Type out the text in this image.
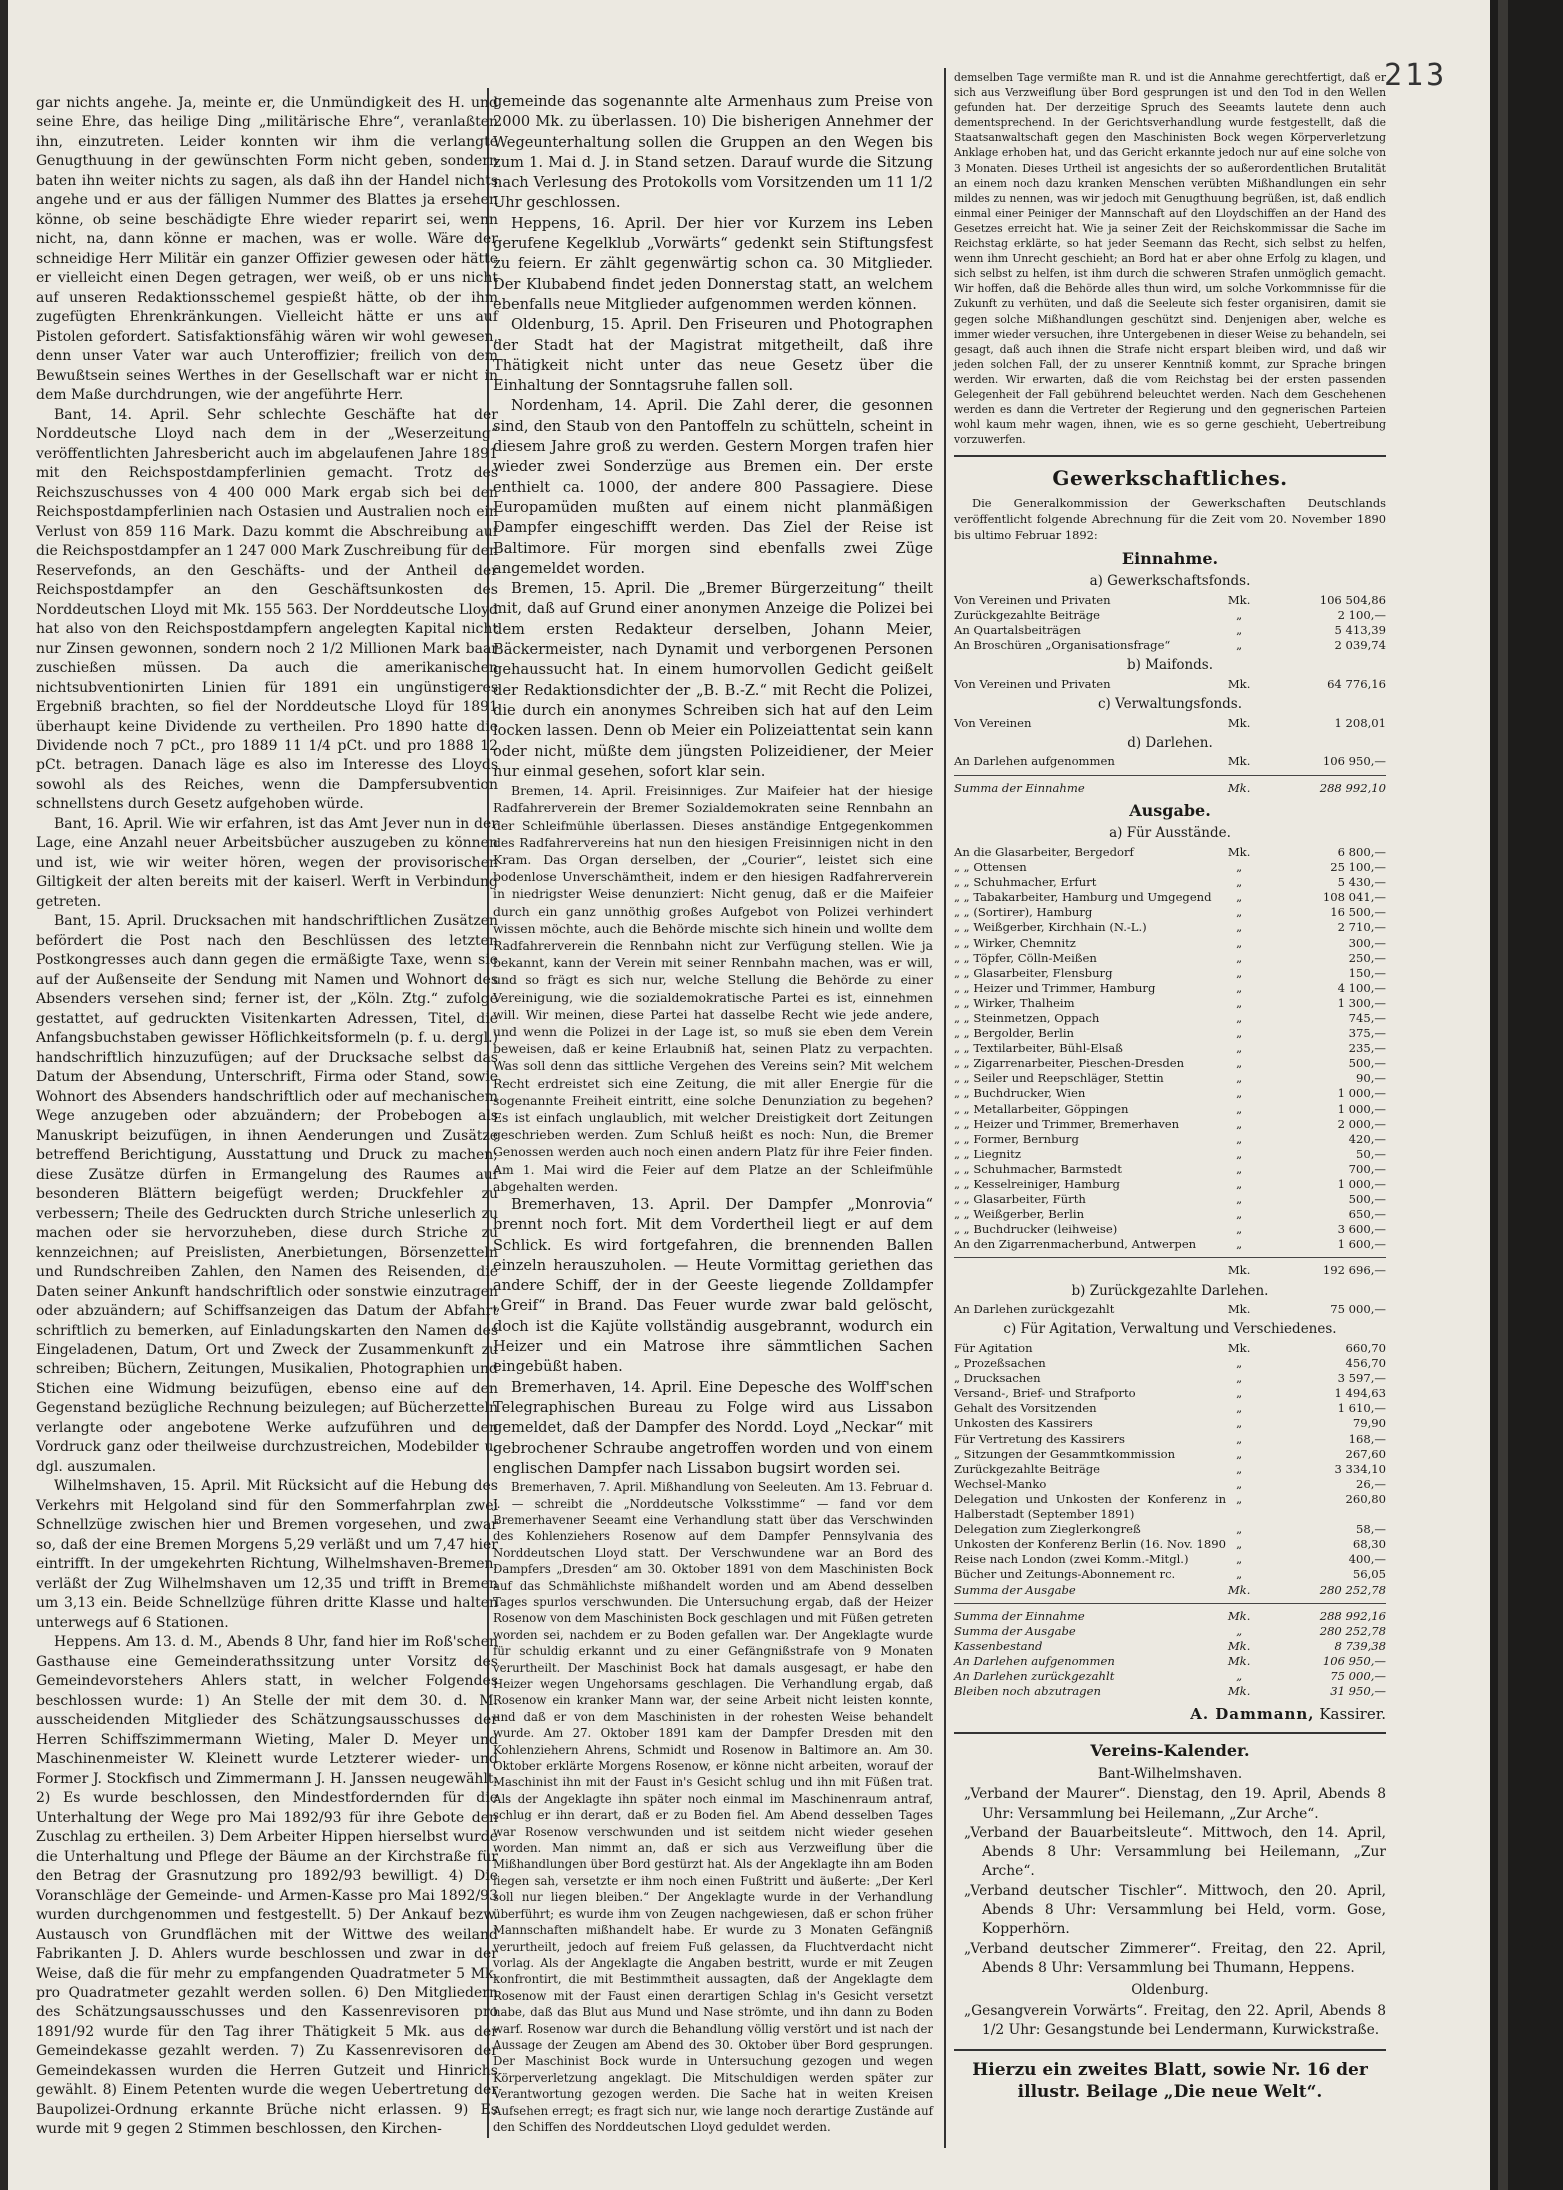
213

gar nichts angehe. Ja, meinte er, die Unmündigkeit des H. und seine Ehre, das heilige Ding „militärische Ehre“, veranlaßten ihn, einzutreten. Leider konnten wir ihm die verlangte Genugthuung in der gewünschten Form nicht geben, sondern baten ihn weiter nichts zu sagen, als daß ihn der Handel nichts angehe und er aus der fälligen Nummer des Blattes ja ersehen könne, ob seine beschädigte Ehre wieder reparirt sei, wenn nicht, na, dann könne er machen, was er wolle. Wäre der schneidige Herr Militär ein ganzer Offizier gewesen oder hätte er vielleicht einen Degen getragen, wer weiß, ob er uns nicht auf unseren Redaktionsschemel gespießt hätte, ob der ihm zugefügten Ehrenkränkungen. Vielleicht hätte er uns auf Pistolen gefordert. Satisfaktionsfähig wären wir wohl gewesen, denn unser Vater war auch Unteroffizier; freilich von dem Bewußtsein seines Werthes in der Gesellschaft war er nicht in dem Maße durchdrungen, wie der angeführte Herr.

Bant, 14. April. Sehr schlechte Geschäfte hat der Norddeutsche Lloyd nach dem in der „Weserzeitung“ veröffentlichten Jahresbericht auch im abgelaufenen Jahre 1891 mit den Reichspostdampferlinien gemacht. Trotz des Reichszuschusses von 4 400 000 Mark ergab sich bei den Reichspostdampferlinien nach Ostasien und Australien noch ein Verlust von 859 116 Mark. Dazu kommt die Abschreibung auf die Reichspostdampfer an 1 247 000 Mark Zuschreibung für den Reservefonds, an den Geschäfts- und der Antheil der Reichspostdampfer an den Geschäftsunkosten des Norddeutschen Lloyd mit Mk. 155 563. Der Norddeutsche Lloyd hat also von den Reichspostdampfern angelegten Kapital nicht nur Zinsen gewonnen, sondern noch 2 1/2 Millionen Mark baar zuschießen müssen. Da auch die amerikanischen nichtsubventionirten Linien für 1891 ein ungünstigeres Ergebniß brachten, so fiel der Norddeutsche Lloyd für 1891 überhaupt keine Dividende zu vertheilen. Pro 1890 hatte die Dividende noch 7 pCt., pro 1889 11 1/4 pCt. und pro 1888 12 pCt. betragen. Danach läge es also im Interesse des Lloyds sowohl als des Reiches, wenn die Dampfersubvention schnellstens durch Gesetz aufgehoben würde.

Bant, 16. April. Wie wir erfahren, ist das Amt Jever nun in der Lage, eine Anzahl neuer Arbeitsbücher auszugeben zu können und ist, wie wir weiter hören, wegen der provisorischen Giltigkeit der alten bereits mit der kaiserl. Werft in Verbindung getreten.

Bant, 15. April. Drucksachen mit handschriftlichen Zusätzen befördert die Post nach den Beschlüssen des letzten Postkongresses auch dann gegen die ermäßigte Taxe, wenn sie auf der Außenseite der Sendung mit Namen und Wohnort des Absenders versehen sind; ferner ist, der „Köln. Ztg.“ zufolge gestattet, auf gedruckten Visitenkarten Adressen, Titel, die Anfangsbuchstaben gewisser Höflichkeitsformeln (p. f. u. dergl.) handschriftlich hinzuzufügen; auf der Drucksache selbst das Datum der Absendung, Unterschrift, Firma oder Stand, sowie Wohnort des Absenders handschriftlich oder auf mechanischem Wege anzugeben oder abzuändern; der Probebogen als Manuskript beizufügen, in ihnen Aenderungen und Zusätze betreffend Berichtigung, Ausstattung und Druck zu machen; diese Zusätze dürfen in Ermangelung des Raumes auf besonderen Blättern beigefügt werden; Druckfehler zu verbessern; Theile des Gedruckten durch Striche unleserlich zu machen oder sie hervorzuheben, diese durch Striche zu kennzeichnen; auf Preislisten, Anerbietungen, Börsenzetteln und Rundschreiben Zahlen, den Namen des Reisenden, die Daten seiner Ankunft handschriftlich oder sonstwie einzutragen oder abzuändern; auf Schiffsanzeigen das Datum der Abfahrt schriftlich zu bemerken, auf Einladungskarten den Namen des Eingeladenen, Datum, Ort und Zweck der Zusammenkunft zu schreiben; Büchern, Zeitungen, Musikalien, Photographien und Stichen eine Widmung beizufügen, ebenso eine auf den Gegenstand bezügliche Rechnung beizulegen; auf Bücherzetteln verlangte oder angebotene Werke aufzuführen und den Vordruck ganz oder theilweise durchzustreichen, Modebilder u. dgl. auszumalen.

Wilhelmshaven, 15. April. Mit Rücksicht auf die Hebung des Verkehrs mit Helgoland sind für den Sommerfahrplan zwei Schnellzüge zwischen hier und Bremen vorgesehen, und zwar so, daß der eine Bremen Morgens 5,29 verläßt und um 7,47 hier eintrifft. In der umgekehrten Richtung, Wilhelmshaven-Bremen, verläßt der Zug Wilhelmshaven um 12,35 und trifft in Bremen um 3,13 ein. Beide Schnellzüge führen dritte Klasse und halten unterwegs auf 6 Stationen.

Heppens. Am 13. d. M., Abends 8 Uhr, fand hier im Roß'schen Gasthause eine Gemeinderathssitzung unter Vorsitz des Gemeindevorstehers Ahlers statt, in welcher Folgendes beschlossen wurde: 1) An Stelle der mit dem 30. d. M. ausscheidenden Mitglieder des Schätzungsausschusses der Herren Schiffszimmermann Wieting, Maler D. Meyer und Maschinenmeister W. Kleinett wurde Letzterer wieder- und Former J. Stockfisch und Zimmermann J. H. Janssen neugewählt. 2) Es wurde beschlossen, den Mindestfordernden für die Unterhaltung der Wege pro Mai 1892/93 für ihre Gebote den Zuschlag zu ertheilen. 3) Dem Arbeiter Hippen hierselbst wurde die Unterhaltung und Pflege der Bäume an der Kirchstraße für den Betrag der Grasnutzung pro 1892/93 bewilligt. 4) Die Voranschläge der Gemeinde- und Armen-Kasse pro Mai 1892/93 wurden durchgenommen und festgestellt. 5) Der Ankauf bezw. Austausch von Grundflächen mit der Wittwe des weiland Fabrikanten J. D. Ahlers wurde beschlossen und zwar in der Weise, daß die für mehr zu empfangenden Quadratmeter 5 Mk. pro Quadratmeter gezahlt werden sollen. 6) Den Mitgliedern des Schätzungsausschusses und den Kassenrevisoren pro 1891/92 wurde für den Tag ihrer Thätigkeit 5 Mk. aus der Gemeindekasse gezahlt werden. 7) Zu Kassenrevisoren der Gemeindekassen wurden die Herren Gutzeit und Hinrichs gewählt. 8) Einem Petenten wurde die wegen Uebertretung der Baupolizei-Ordnung erkannte Brüche nicht erlassen. 9) Es wurde mit 9 gegen 2 Stimmen beschlossen, den Kirchen-

gemeinde das sogenannte alte Armenhaus zum Preise von 2000 Mk. zu überlassen. 10) Die bisherigen Annehmer der Wegeunterhaltung sollen die Gruppen an den Wegen bis zum 1. Mai d. J. in Stand setzen. Darauf wurde die Sitzung nach Verlesung des Protokolls vom Vorsitzenden um 11 1/2 Uhr geschlossen.

Heppens, 16. April. Der hier vor Kurzem ins Leben gerufene Kegelklub „Vorwärts“ gedenkt sein Stiftungsfest zu feiern. Er zählt gegenwärtig schon ca. 30 Mitglieder. Der Klubabend findet jeden Donnerstag statt, an welchem ebenfalls neue Mitglieder aufgenommen werden können.

Oldenburg, 15. April. Den Friseuren und Photographen der Stadt hat der Magistrat mitgetheilt, daß ihre Thätigkeit nicht unter das neue Gesetz über die Einhaltung der Sonntagsruhe fallen soll.

Nordenham, 14. April. Die Zahl derer, die gesonnen sind, den Staub von den Pantoffeln zu schütteln, scheint in diesem Jahre groß zu werden. Gestern Morgen trafen hier wieder zwei Sonderzüge aus Bremen ein. Der erste enthielt ca. 1000, der andere 800 Passagiere. Diese Europamüden mußten auf einem nicht planmäßigen Dampfer eingeschifft werden. Das Ziel der Reise ist Baltimore. Für morgen sind ebenfalls zwei Züge angemeldet worden.

Bremen, 15. April. Die „Bremer Bürgerzeitung“ theilt mit, daß auf Grund einer anonymen Anzeige die Polizei bei dem ersten Redakteur derselben, Johann Meier, Bäckermeister, nach Dynamit und verborgenen Personen gehaussucht hat. In einem humorvollen Gedicht geißelt der Redaktionsdichter der „B. B.-Z.“ mit Recht die Polizei, die durch ein anonymes Schreiben sich hat auf den Leim locken lassen. Denn ob Meier ein Polizeiattentat sein kann oder nicht, müßte dem jüngsten Polizeidiener, der Meier nur einmal gesehen, sofort klar sein.

Bremen, 14. April. Freisinniges. Zur Maifeier hat der hiesige Radfahrerverein der Bremer Sozialdemokraten seine Rennbahn an der Schleifmühle überlassen. Dieses anständige Entgegenkommen des Radfahrervereins hat nun den hiesigen Freisinnigen nicht in den Kram. Das Organ derselben, der „Courier“, leistet sich eine bodenlose Unverschämtheit, indem er den hiesigen Radfahrerverein in niedrigster Weise denunziert: Nicht genug, daß er die Maifeier durch ein ganz unnöthig großes Aufgebot von Polizei verhindert wissen möchte, auch die Behörde mischte sich hinein und wollte dem Radfahrerverein die Rennbahn nicht zur Verfügung stellen. Wie ja bekannt, kann der Verein mit seiner Rennbahn machen, was er will, und so frägt es sich nur, welche Stellung die Behörde zu einer Vereinigung, wie die sozialdemokratische Partei es ist, einnehmen will. Wir meinen, diese Partei hat dasselbe Recht wie jede andere, und wenn die Polizei in der Lage ist, so muß sie eben dem Verein beweisen, daß er keine Erlaubniß hat, seinen Platz zu verpachten. Was soll denn das sittliche Vergehen des Vereins sein? Mit welchem Recht erdreistet sich eine Zeitung, die mit aller Energie für die sogenannte Freiheit eintritt, eine solche Denunziation zu begehen? Es ist einfach unglaublich, mit welcher Dreistigkeit dort Zeitungen geschrieben werden. Zum Schluß heißt es noch: Nun, die Bremer Genossen werden auch noch einen andern Platz für ihre Feier finden. Am 1. Mai wird die Feier auf dem Platze an der Schleifmühle abgehalten werden.

Bremerhaven, 13. April. Der Dampfer „Monrovia“ brennt noch fort. Mit dem Vordertheil liegt er auf dem Schlick. Es wird fortgefahren, die brennenden Ballen einzeln herauszuholen. — Heute Vormittag geriethen das andere Schiff, der in der Geeste liegende Zolldampfer „Greif“ in Brand. Das Feuer wurde zwar bald gelöscht, doch ist die Kajüte vollständig ausgebrannt, wodurch ein Heizer und ein Matrose ihre sämmtlichen Sachen eingebüßt haben.

Bremerhaven, 14. April. Eine Depesche des Wolff'schen Telegraphischen Bureau zu Folge wird aus Lissabon gemeldet, daß der Dampfer des Nordd. Loyd „Neckar“ mit gebrochener Schraube angetroffen worden und von einem englischen Dampfer nach Lissabon bugsirt worden sei.

Bremerhaven, 7. April. Mißhandlung von Seeleuten. Am 13. Februar d. J. — schreibt die „Norddeutsche Volksstimme“ — fand vor dem Bremerhavener Seeamt eine Verhandlung statt über das Verschwinden des Kohlenziehers Rosenow auf dem Dampfer Pennsylvania des Norddeutschen Lloyd statt. Der Verschwundene war an Bord des Dampfers „Dresden“ am 30. Oktober 1891 von dem Maschinisten Bock auf das Schmählichste mißhandelt worden und am Abend desselben Tages spurlos verschwunden. Die Untersuchung ergab, daß der Heizer Rosenow von dem Maschinisten Bock geschlagen und mit Füßen getreten worden sei, nachdem er zu Boden gefallen war. Der Angeklagte wurde für schuldig erkannt und zu einer Gefängnißstrafe von 9 Monaten verurtheilt. Der Maschinist Bock hat damals ausgesagt, er habe den Heizer wegen Ungehorsams geschlagen. Die Verhandlung ergab, daß Rosenow ein kranker Mann war, der seine Arbeit nicht leisten konnte, und daß er von dem Maschinisten in der rohesten Weise behandelt wurde. Am 27. Oktober 1891 kam der Dampfer Dresden mit den Kohlenziehern Ahrens, Schmidt und Rosenow in Baltimore an. Am 30. Oktober erklärte Morgens Rosenow, er könne nicht arbeiten, worauf der Maschinist ihn mit der Faust in's Gesicht schlug und ihn mit Füßen trat. Als der Angeklagte ihn später noch einmal im Maschinenraum antraf, schlug er ihn derart, daß er zu Boden fiel. Am Abend desselben Tages war Rosenow verschwunden und ist seitdem nicht wieder gesehen worden. Man nimmt an, daß er sich aus Verzweiflung über die Mißhandlungen über Bord gestürzt hat. Als der Angeklagte ihn am Boden liegen sah, versetzte er ihm noch einen Fußtritt und äußerte: „Der Kerl soll nur liegen bleiben.“ Der Angeklagte wurde in der Verhandlung überführt; es wurde ihm von Zeugen nachgewiesen, daß er schon früher Mannschaften mißhandelt habe. Er wurde zu 3 Monaten Gefängniß verurtheilt, jedoch auf freiem Fuß gelassen, da Fluchtverdacht nicht vorlag. Als der Angeklagte die Angaben bestritt, wurde er mit Zeugen konfrontirt, die mit Bestimmtheit aussagten, daß der Angeklagte dem Rosenow mit der Faust einen derartigen Schlag in's Gesicht versetzt habe, daß das Blut aus Mund und Nase strömte, und ihn dann zu Boden warf. Rosenow war durch die Behandlung völlig verstört und ist nach der Aussage der Zeugen am Abend des 30. Oktober über Bord gesprungen. Der Maschinist Bock wurde in Untersuchung gezogen und wegen Körperverletzung angeklagt. Die Mitschuldigen werden später zur Verantwortung gezogen werden. Die Sache hat in weiten Kreisen Aufsehen erregt; es fragt sich nur, wie lange noch derartige Zustände auf den Schiffen des Norddeutschen Lloyd geduldet werden.

demselben Tage vermißte man R. und ist die Annahme gerechtfertigt, daß er sich aus Verzweiflung über Bord gesprungen ist und den Tod in den Wellen gefunden hat. Der derzeitige Spruch des Seeamts lautete denn auch dementsprechend. In der Gerichtsverhandlung wurde festgestellt, daß die Staatsanwaltschaft gegen den Maschinisten Bock wegen Körperverletzung Anklage erhoben hat, und das Gericht erkannte jedoch nur auf eine solche von 3 Monaten. Dieses Urtheil ist angesichts der so außerordentlichen Brutalität an einem noch dazu kranken Menschen verübten Mißhandlungen ein sehr mildes zu nennen, was wir jedoch mit Genugthuung begrüßen, ist, daß endlich einmal einer Peiniger der Mannschaft auf den Lloydschiffen an der Hand des Gesetzes erreicht hat. Wie ja seiner Zeit der Reichskommissar die Sache im Reichstag erklärte, so hat jeder Seemann das Recht, sich selbst zu helfen, wenn ihm Unrecht geschieht; an Bord hat er aber ohne Erfolg zu klagen, und sich selbst zu helfen, ist ihm durch die schweren Strafen unmöglich gemacht. Wir hoffen, daß die Behörde alles thun wird, um solche Vorkommnisse für die Zukunft zu verhüten, und daß die Seeleute sich fester organisiren, damit sie gegen solche Mißhandlungen geschützt sind. Denjenigen aber, welche es immer wieder versuchen, ihre Untergebenen in dieser Weise zu behandeln, sei gesagt, daß auch ihnen die Strafe nicht erspart bleiben wird, und daß wir jeden solchen Fall, der zu unserer Kenntniß kommt, zur Sprache bringen werden. Wir erwarten, daß die vom Reichstag bei der ersten passenden Gelegenheit der Fall gebührend beleuchtet werden. Nach dem Geschehenen werden es dann die Vertreter der Regierung und den gegnerischen Parteien wohl kaum mehr wagen, ihnen, wie es so gerne geschieht, Uebertreibung vorzuwerfen.

Gewerkschaftliches.

Die Generalkommission der Gewerkschaften Deutschlands veröffentlicht folgende Abrechnung für die Zeit vom 20. November 1890 bis ultimo Februar 1892:

Einnahme.
a) Gewerkschaftsfonds.
Von Vereinen und Privaten	Mk.	106 504,86
Zurückgezahlte Beiträge	„	2 100,—
An Quartalsbeiträgen	„	5 413,39
An Broschüren „Organisationsfrage“	„	2 039,74
b) Maifonds.
Von Vereinen und Privaten	Mk.	64 776,16
c) Verwaltungsfonds.
Von Vereinen	Mk.	1 208,01
d) Darlehen.
An Darlehen aufgenommen	Mk.	106 950,—
Summa der Einnahme	Mk.	288 992,10
Ausgabe.
a) Für Ausstände.
An die Glasarbeiter, Bergedorf	Mk.	6 800,—
„ „ Ottensen	„	25 100,—
„ „ Schuhmacher, Erfurt	„	5 430,—
„ „ Tabakarbeiter, Hamburg und Umgegend	„	108 041,—
„ „ (Sortirer), Hamburg	„	16 500,—
„ „ Weißgerber, Kirchhain (N.-L.)	„	2 710,—
„ „ Wirker, Chemnitz	„	300,—
„ „ Töpfer, Cölln-Meißen	„	250,—
„ „ Glasarbeiter, Flensburg	„	150,—
„ „ Heizer und Trimmer, Hamburg	„	4 100,—
„ „ Wirker, Thalheim	„	1 300,—
„ „ Steinmetzen, Oppach	„	745,—
„ „ Bergolder, Berlin	„	375,—
„ „ Textilarbeiter, Bühl-Elsaß	„	235,—
„ „ Zigarrenarbeiter, Pieschen-Dresden	„	500,—
„ „ Seiler und Reepschläger, Stettin	„	90,—
„ „ Buchdrucker, Wien	„	1 000,—
„ „ Metallarbeiter, Göppingen	„	1 000,—
„ „ Heizer und Trimmer, Bremerhaven	„	2 000,—
„ „ Former, Bernburg	„	420,—
„ „ Liegnitz	„	50,—
„ „ Schuhmacher, Barmstedt	„	700,—
„ „ Kesselreiniger, Hamburg	„	1 000,—
„ „ Glasarbeiter, Fürth	„	500,—
„ „ Weißgerber, Berlin	„	650,—
„ „ Buchdrucker (leihweise)	„	3 600,—
An den Zigarrenmacherbund, Antwerpen	„	1 600,—
	Mk.	192 696,—
b) Zurückgezahlte Darlehen.
An Darlehen zurückgezahlt	Mk.	75 000,—
c) Für Agitation, Verwaltung und Verschiedenes.
Für Agitation	Mk.	660,70
„ Prozeßsachen	„	456,70
„ Drucksachen	„	3 597,—
Versand-, Brief- und Strafporto	„	1 494,63
Gehalt des Vorsitzenden	„	1 610,—
Unkosten des Kassirers	„	79,90
Für Vertretung des Kassirers	„	168,—
„ Sitzungen der Gesammtkommission	„	267,60
Zurückgezahlte Beiträge	„	3 334,10
Wechsel-Manko	„	26,—
Delegation und Unkosten der Konferenz in Halberstadt (September 1891)	„	260,80
Delegation zum Zieglerkongreß	„	58,—
Unkosten der Konferenz Berlin (16. Nov. 1890	„	68,30
Reise nach London (zwei Komm.-Mitgl.)	„	400,—
Bücher und Zeitungs-Abonnement rc.	„	56,05
Summa der Ausgabe	Mk.	280 252,78
Summa der Einnahme	Mk.	288 992,16
Summa der Ausgabe	„	280 252,78
Kassenbestand	Mk.	8 739,38
An Darlehen aufgenommen	Mk.	106 950,—
An Darlehen zurückgezahlt	„	75 000,—
Bleiben noch abzutragen	Mk.	31 950,—
A. Dammann, Kassirer.
Vereins-Kalender.
Bant-Wilhelmshaven.

„Verband der Maurer“. Dienstag, den 19. April, Abends 8 Uhr: Versammlung bei Heilemann, „Zur Arche“.

„Verband der Bauarbeitsleute“. Mittwoch, den 14. April, Abends 8 Uhr: Versammlung bei Heilemann, „Zur Arche“.

„Verband deutscher Tischler“. Mittwoch, den 20. April, Abends 8 Uhr: Versammlung bei Held, vorm. Gose, Kopperhörn.

„Verband deutscher Zimmerer“. Freitag, den 22. April, Abends 8 Uhr: Versammlung bei Thumann, Heppens.

Oldenburg.

„Gesangverein Vorwärts“. Freitag, den 22. April, Abends 8 1/2 Uhr: Gesangstunde bei Lendermann, Kurwickstraße.

Hierzu ein zweites Blatt, sowie Nr. 16 der illustr. Beilage „Die neue Welt“.
